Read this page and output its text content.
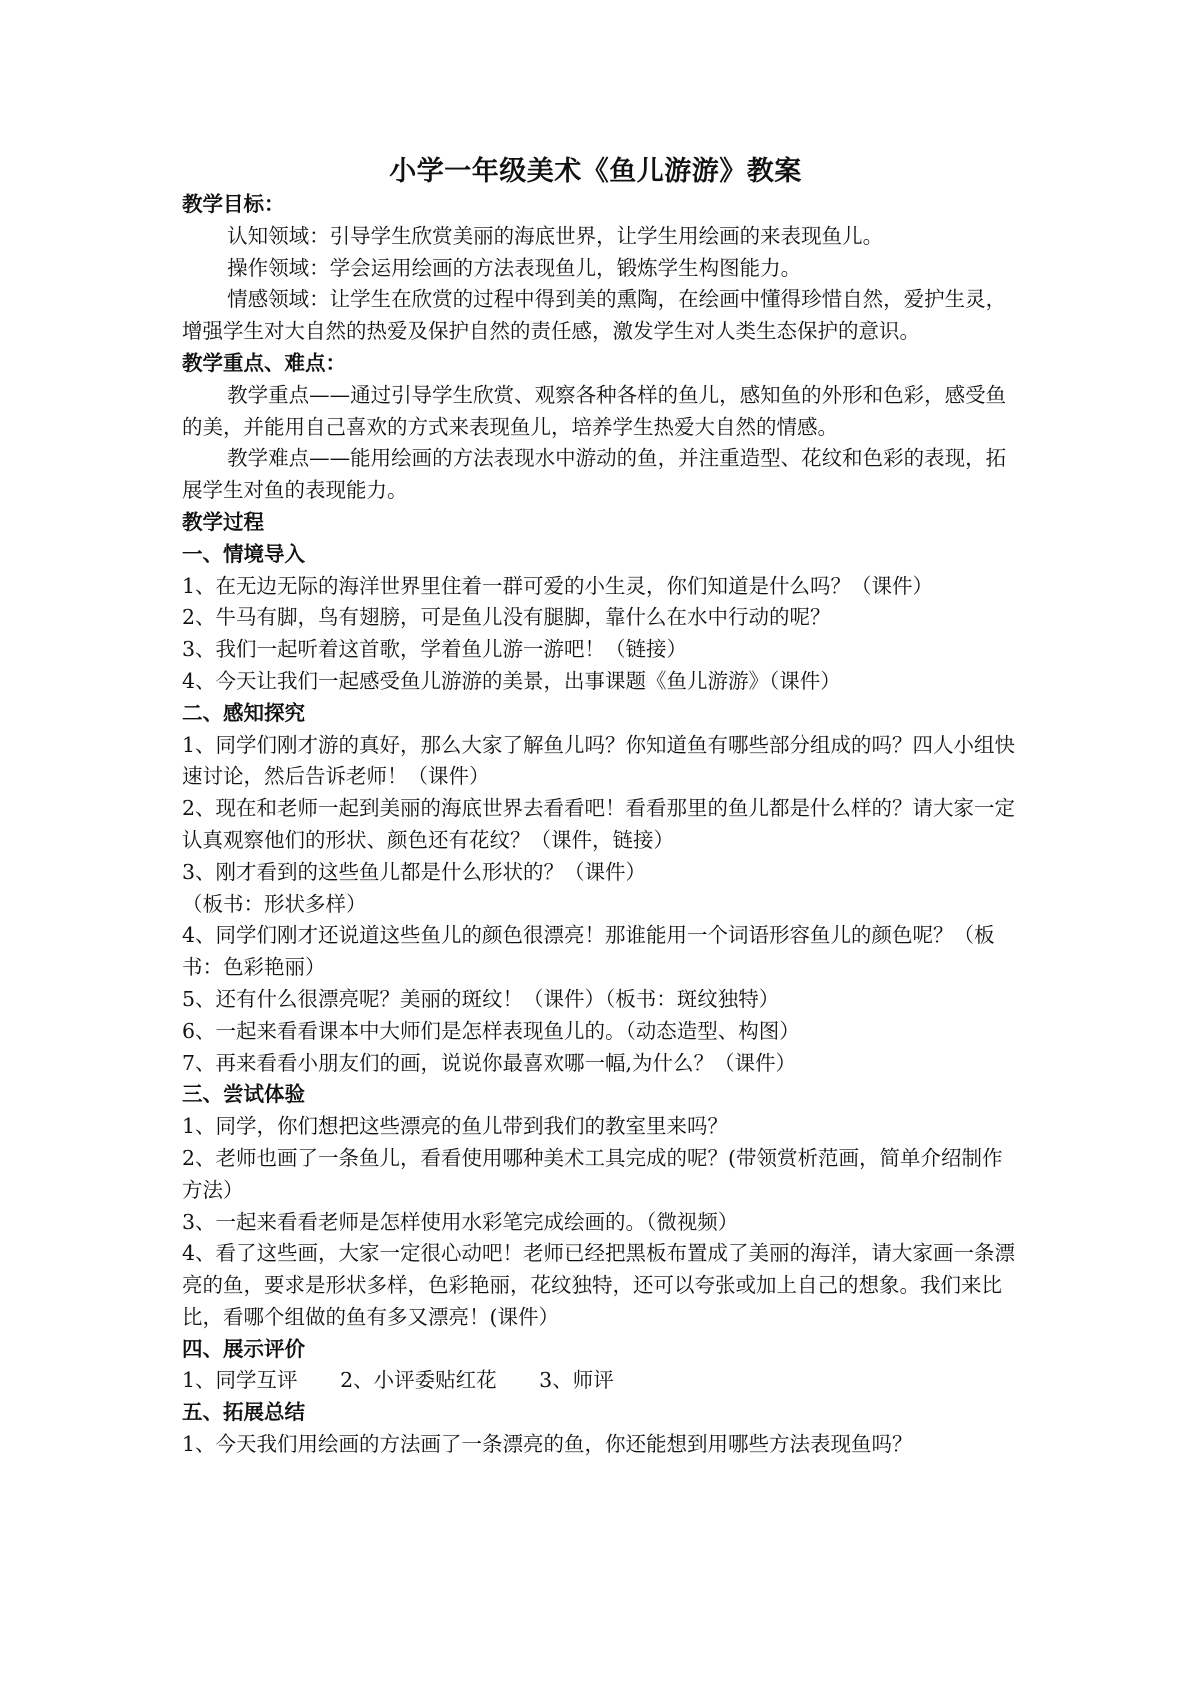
小学一年级美术《鱼儿游游》教案

教学目标：

认知领域：引导学生欣赏美丽的海底世界，让学生用绘画的来表现鱼儿。

操作领域：学会运用绘画的方法表现鱼儿，锻炼学生构图能力。

情感领域：让学生在欣赏的过程中得到美的熏陶，在绘画中懂得珍惜自然，爱护生灵，增强学生对大自然的热爱及保护自然的责任感，激发学生对人类生态保护的意识。

教学重点、难点：

教学重点——通过引导学生欣赏、观察各种各样的鱼儿，感知鱼的外形和色彩，感受鱼的美，并能用自己喜欢的方式来表现鱼儿，培养学生热爱大自然的情感。

教学难点——能用绘画的方法表现水中游动的鱼，并注重造型、花纹和色彩的表现，拓展学生对鱼的表现能力。

教学过程

一、情境导入

1、在无边无际的海洋世界里住着一群可爱的小生灵，你们知道是什么吗？（课件）

2、牛马有脚，鸟有翅膀，可是鱼儿没有腿脚，靠什么在水中行动的呢？

3、我们一起听着这首歌，学着鱼儿游一游吧！（链接）

4、今天让我们一起感受鱼儿游游的美景，出事课题《鱼儿游游》（课件）

二、感知探究

1、同学们刚才游的真好，那么大家了解鱼儿吗？你知道鱼有哪些部分组成的吗？四人小组快速讨论，然后告诉老师！（课件）

2、现在和老师一起到美丽的海底世界去看看吧！看看那里的鱼儿都是什么样的？请大家一定认真观察他们的形状、颜色还有花纹？（课件，链接）

3、刚才看到的这些鱼儿都是什么形状的？（课件）

（板书：形状多样）

4、同学们刚才还说道这些鱼儿的颜色很漂亮！那谁能用一个词语形容鱼儿的颜色呢？（板书：色彩艳丽）

5、还有什么很漂亮呢？美丽的斑纹！（课件）（板书：斑纹独特）

6、一起来看看课本中大师们是怎样表现鱼儿的。（动态造型、构图）

7、再来看看小朋友们的画，说说你最喜欢哪一幅,为什么？（课件）

三、尝试体验

1、同学，你们想把这些漂亮的鱼儿带到我们的教室里来吗？

2、老师也画了一条鱼儿，看看使用哪种美术工具完成的呢？(带领赏析范画，简单介绍制作方法）

3、一起来看看老师是怎样使用水彩笔完成绘画的。（微视频）

4、看了这些画，大家一定很心动吧！老师已经把黑板布置成了美丽的海洋，请大家画一条漂亮的鱼，要求是形状多样，色彩艳丽，花纹独特，还可以夸张或加上自己的想象。我们来比比，看哪个组做的鱼有多又漂亮！(课件）

四、展示评价

1、同学互评 2、小评委贴红花 3、师评

五、拓展总结

1、今天我们用绘画的方法画了一条漂亮的鱼，你还能想到用哪些方法表现鱼吗？
